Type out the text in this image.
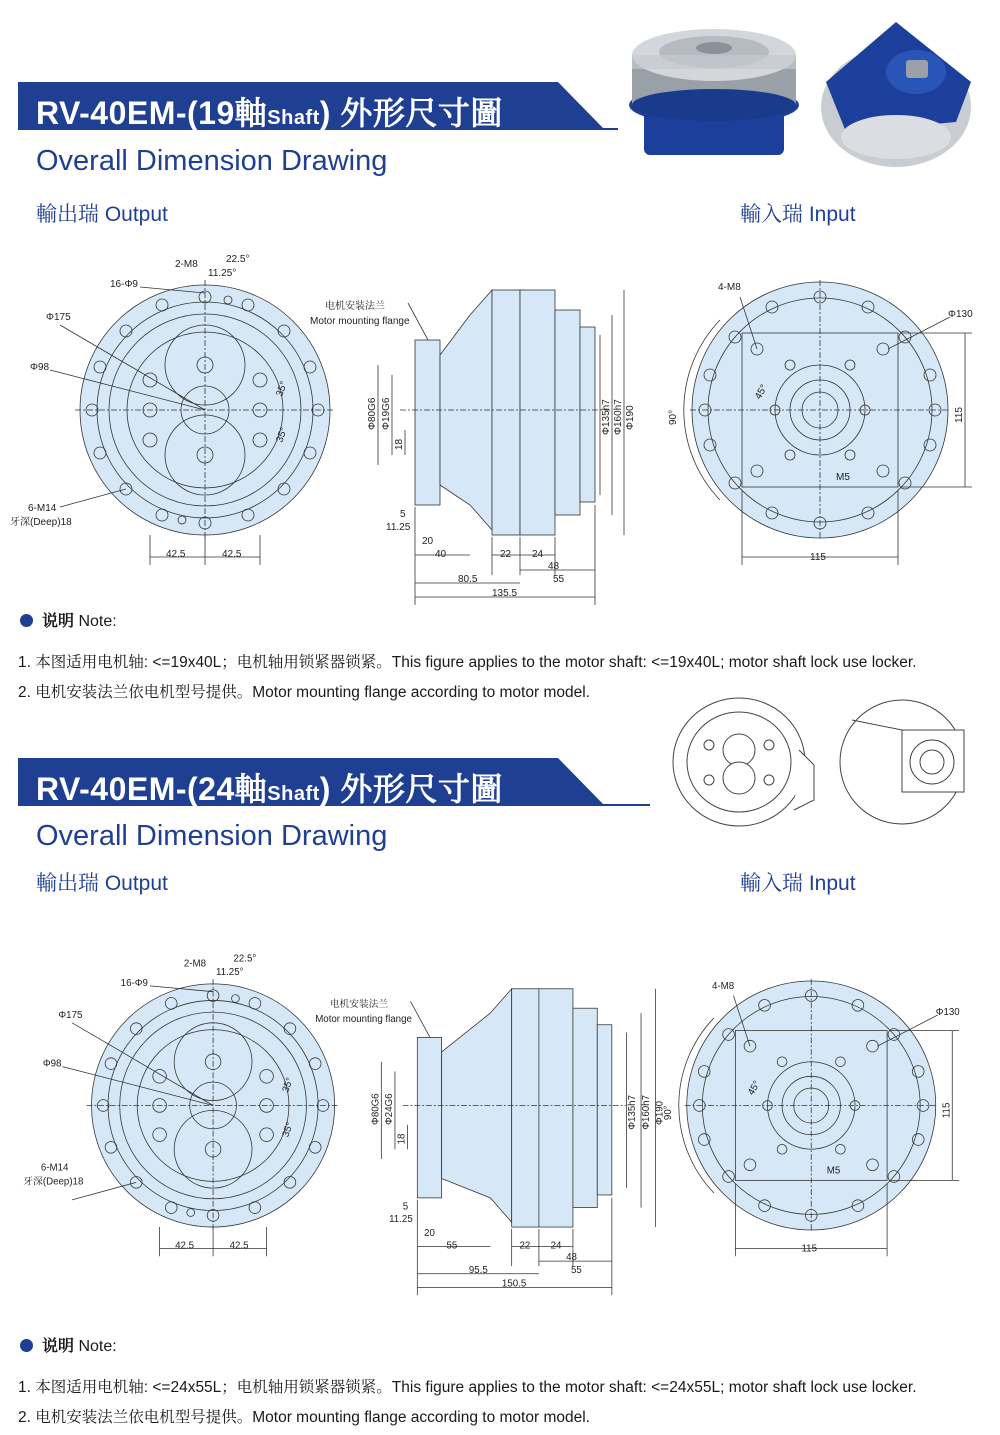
RV-40EM-(19軸Shaft) 外形尺寸圖
Overall Dimension Drawing
輸出瑞 Output	輸入瑞 Input
2-M8	22.5°
11.25°
16-Φ9
Φ175
Φ98
35°
35°
6-M14
牙深(Deep)18
42.5	42.5
电机安装法兰
Motor mounting flange
Φ80G6 Φ19G6
18
Φ135h7 Φ160h7 Φ190
5
11.25
20
40	22 24
48
80.5	55
135.5
4-M8
Φ130
90°
45°
115
M5
115
说明 Note:
1. 本图适用电机轴: <=19x40L；电机轴用锁紧器锁紧。This figure applies to the motor shaft: <=19x40L; motor shaft lock use locker.
2. 电机安装法兰依电机型号提供。Motor mounting flange according to motor model.
RV-40EM-(24軸Shaft) 外形尺寸圖
Overall Dimension Drawing
輸出瑞 Output	輸入瑞 Input
2-M8	22.5°
11.25°
16-Φ9
Φ175
Φ98
35°
35°
6-M14
牙深(Deep)18
42.5	42.5
电机安装法兰
Motor mounting flange
Φ80G6 Φ24G6
18
Φ135h7 Φ160h7 Φ190
5
11.25
20
55	22 24
48
95.5	55
150.5
4-M8
Φ130
90°
45°
115
M5
115
说明 Note:
1. 本图适用电机轴: <=24x55L；电机轴用锁紧器锁紧。This figure applies to the motor shaft: <=24x55L; motor shaft lock use locker.
2. 电机安装法兰依电机型号提供。Motor mounting flange according to motor model.
